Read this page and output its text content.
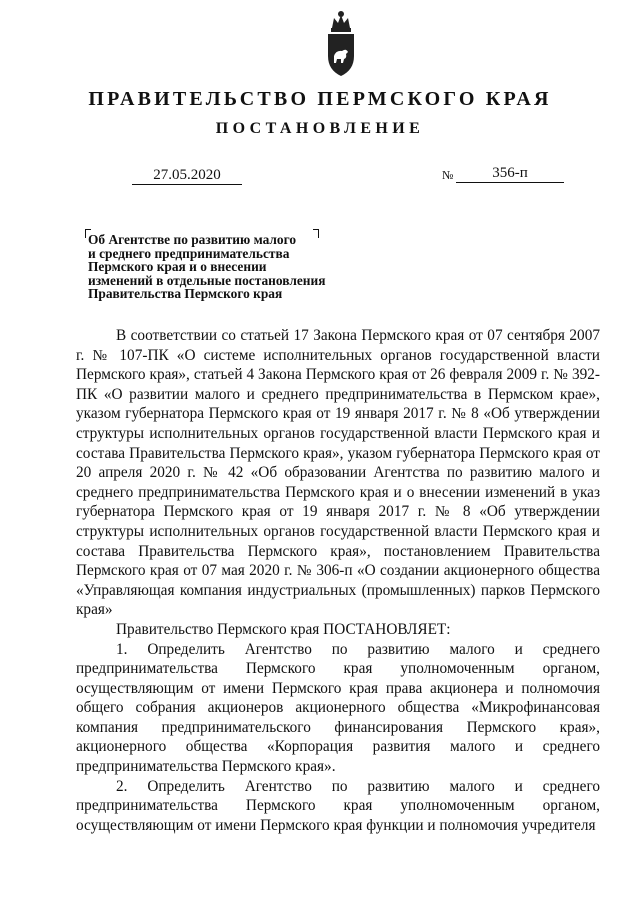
ПРАВИТЕЛЬСТВО ПЕРМСКОГО КРАЯ
ПОСТАНОВЛЕНИЕ
27.05.2020	№	356-п
Об Агентстве по развитию малого
и среднего предпринимательства
Пермского края и о внесении
изменений в отдельные постановления
Правительства Пермского края

В соответствии со статьей 17 Закона Пермского края от 07 сентября 2007 г. № 107-ПК «О системе исполнительных органов государственной власти Пермского края», статьей 4 Закона Пермского края от 26 февраля 2009 г. № 392-ПК «О развитии малого и среднего предпринимательства в Пермском крае», указом губернатора Пермского края от 19 января 2017 г. № 8 «Об утверждении структуры исполнительных органов государственной власти Пермского края и состава Правительства Пермского края», указом губернатора Пермского края от 20 апреля 2020 г. № 42 «Об образовании Агентства по развитию малого и среднего предпринимательства Пермского края и о внесении изменений в указ губернатора Пермского края от 19 января 2017 г. № 8 «Об утверждении структуры исполнительных органов государственной власти Пермского края и состава Правительства Пермского края», постановлением Правительства Пермского края от 07 мая 2020 г. № 306-п «О создании акционерного общества «Управляющая компания индустриальных (промышленных) парков Пермского края»

Правительство Пермского края ПОСТАНОВЛЯЕТ:

1. Определить Агентство по развитию малого и среднего предпринимательства Пермского края уполномоченным органом, осуществляющим от имени Пермского края права акционера и полномочия общего собрания акционеров акционерного общества «Микрофинансовая компания предпринимательского финансирования Пермского края», акционерного общества «Корпорация развития малого и среднего предпринимательства Пермского края».

2. Определить Агентство по развитию малого и среднего предпринимательства Пермского края уполномоченным органом, осуществляющим от имени Пермского края функции и полномочия учредителя
